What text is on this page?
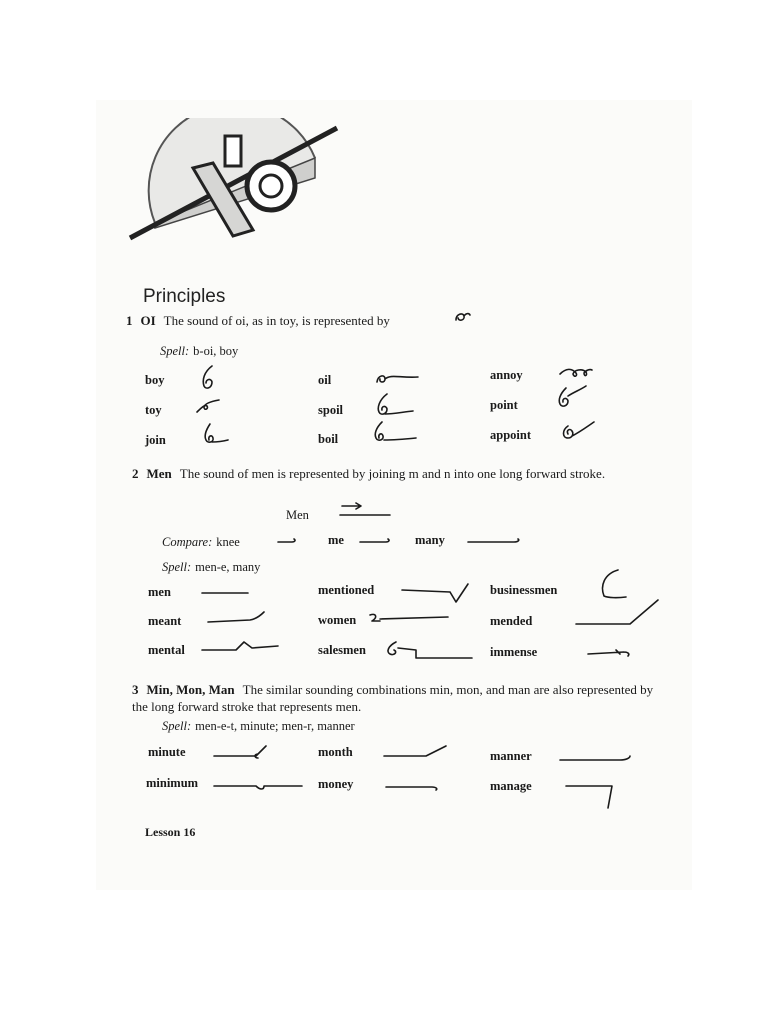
Principles
1 OI The sound of oi, as in toy, is represented by
Spell: b-oi, boy
boy	oil	annoy
toy	spoil	point
join	boil	appoint
2 Men The sound of men is represented by joining m and n into one long forward stroke.
Men
Compare: knee	me	many
Spell: men-e, many
men	mentioned	businessmen
meant	women	mended
mental	salesmen	immense
3 Min, Mon, Man The similar sounding combinations min, mon, and man are also represented by the long forward stroke that represents men.
Spell: men-e-t, minute; men-r, manner
minute	month	manner
minimum	money	manage
Lesson 16
